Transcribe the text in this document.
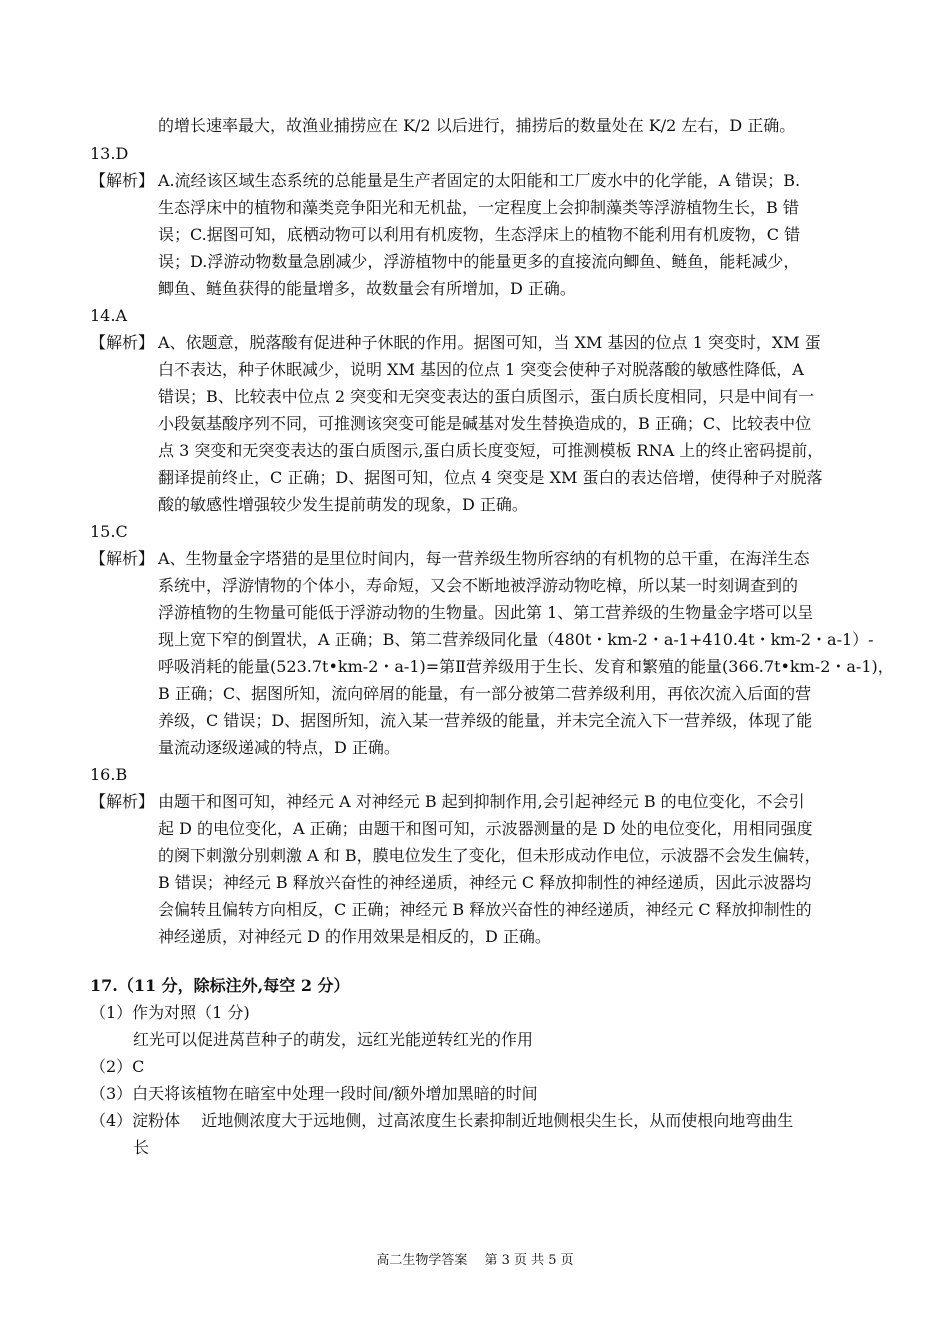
的增长速率最大，故渔业捕捞应在 K/2 以后进行，捕捞后的数量处在 K/2 左右，D 正确。
13.D
【解析】 A.流经该区域生态系统的总能量是生产者固定的太阳能和工厂废水中的化学能，A 错误；B.
生态浮床中的植物和藻类竞争阳光和无机盐，一定程度上会抑制藻类等浮游植物生长，B 错
误；C.据图可知，底栖动物可以利用有机废物，生态浮床上的植物不能利用有机废物，C 错
误；D.浮游动物数量急剧减少，浮游植物中的能量更多的直接流向鲫鱼、鲢鱼，能耗减少，
鲫鱼、鲢鱼获得的能量增多，故数量会有所增加，D 正确。
14.A
【解析】 A、依题意，脱落酸有促进种子休眠的作用。据图可知，当 XM 基因的位点 1 突变时，XM 蛋
白不表达，种子休眠减少，说明 XM 基因的位点 1 突变会使种子对脱落酸的敏感性降低，A
错误；B、比较表中位点 2 突变和无突变表达的蛋白质图示，蛋白质长度相同，只是中间有一
小段氨基酸序列不同，可推测该突变可能是碱基对发生替换造成的，B 正确；C、比较表中位
点 3 突变和无突变表达的蛋白质图示,蛋白质长度变短，可推测模板 RNA 上的终止密码提前，
翻译提前终止，C 正确；D、据图可知，位点 4 突变是 XM 蛋白的表达倍增，使得种子对脱落
酸的敏感性增强较少发生提前萌发的现象，D 正确。
15.C
【解析】 A、生物量金字塔猎的是里位时间内，每一营养级生物所容纳的有机物的总干重，在海洋生态
系统中，浮游情物的个体小，寿命短，又会不断地被浮游动物吃樟，所以某一时刻调查到的
浮游植物的生物量可能低于浮游动物的生物量。因此第 1、第工营养级的生物量金字塔可以呈
现上宽下窄的倒置状，A 正确；B、第二营养级同化量（480t・km-2・a-1+410.4t・km-2・a-1）-
呼吸消耗的能量(523.7t•km-2・a-1)=第Ⅱ营养级用于生长、发育和繁殖的能量(366.7t•km-2・a-1)，
B 正确；C、据图所知，流向碎屑的能量，有一部分被第二营养级利用，再依次流入后面的营
养级，C 错误；D、据图所知，流入某一营养级的能量，并未完全流入下一营养级，体现了能
量流动逐级递减的特点，D 正确。
16.B
【解析】 由题干和图可知，神经元 A 对神经元 B 起到抑制作用,会引起神经元 B 的电位变化，不会引
起 D 的电位变化，A 正确；由题干和图可知，示波器测量的是 D 处的电位变化，用相同强度
的阕下刺激分别刺激 A 和 B，膜电位发生了变化，但未形成动作电位，示波器不会发生偏转，
B 错误；神经元 B 释放兴奋性的神经递质，神经元 C 释放抑制性的神经递质，因此示波器均
会偏转且偏转方向相反，C 正确；神经元 B 释放兴奋性的神经递质，神经元 C 释放抑制性的
神经递质，对神经元 D 的作用效果是相反的，D 正确。
17.（11 分，除标注外,每空 2 分）
（1）作为对照（1 分)
红光可以促进莴苣种子的萌发，远红光能逆转红光的作用
（2）C
（3）白天将该植物在暗室中处理一段时间/额外增加黑暗的时间
（4）淀粉体　 近地侧浓度大于远地侧，过高浓度生长素抑制近地侧根尖生长，从而使根向地弯曲生
长
高二生物学答案　 第 3 页 共 5 页
